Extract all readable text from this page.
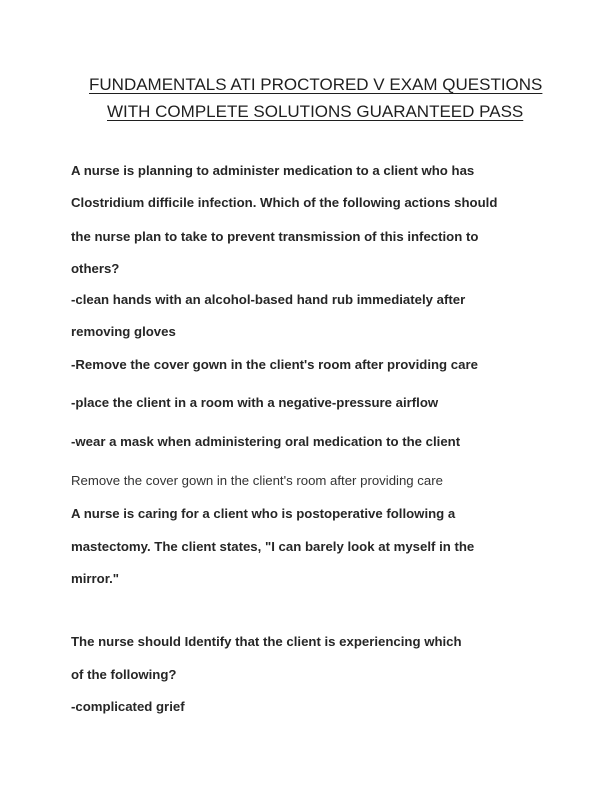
FUNDAMENTALS ATI PROCTORED V EXAM QUESTIONS
WITH COMPLETE SOLUTIONS GUARANTEED PASS
A nurse is planning to administer medication to a client who has
Clostridium difficile infection. Which of the following actions should
the nurse plan to take to prevent transmission of this infection to
others?
-clean hands with an alcohol-based hand rub immediately after
removing gloves
-Remove the cover gown in the client's room after providing care
-place the client in a room with a negative-pressure airflow
-wear a mask when administering oral medication to the client
Remove the cover gown in the client's room after providing care
A nurse is caring for a client who is postoperative following a
mastectomy. The client states, "I can barely look at myself in the
mirror."
The nurse should Identify that the client is experiencing which
of the following?
-complicated grief
